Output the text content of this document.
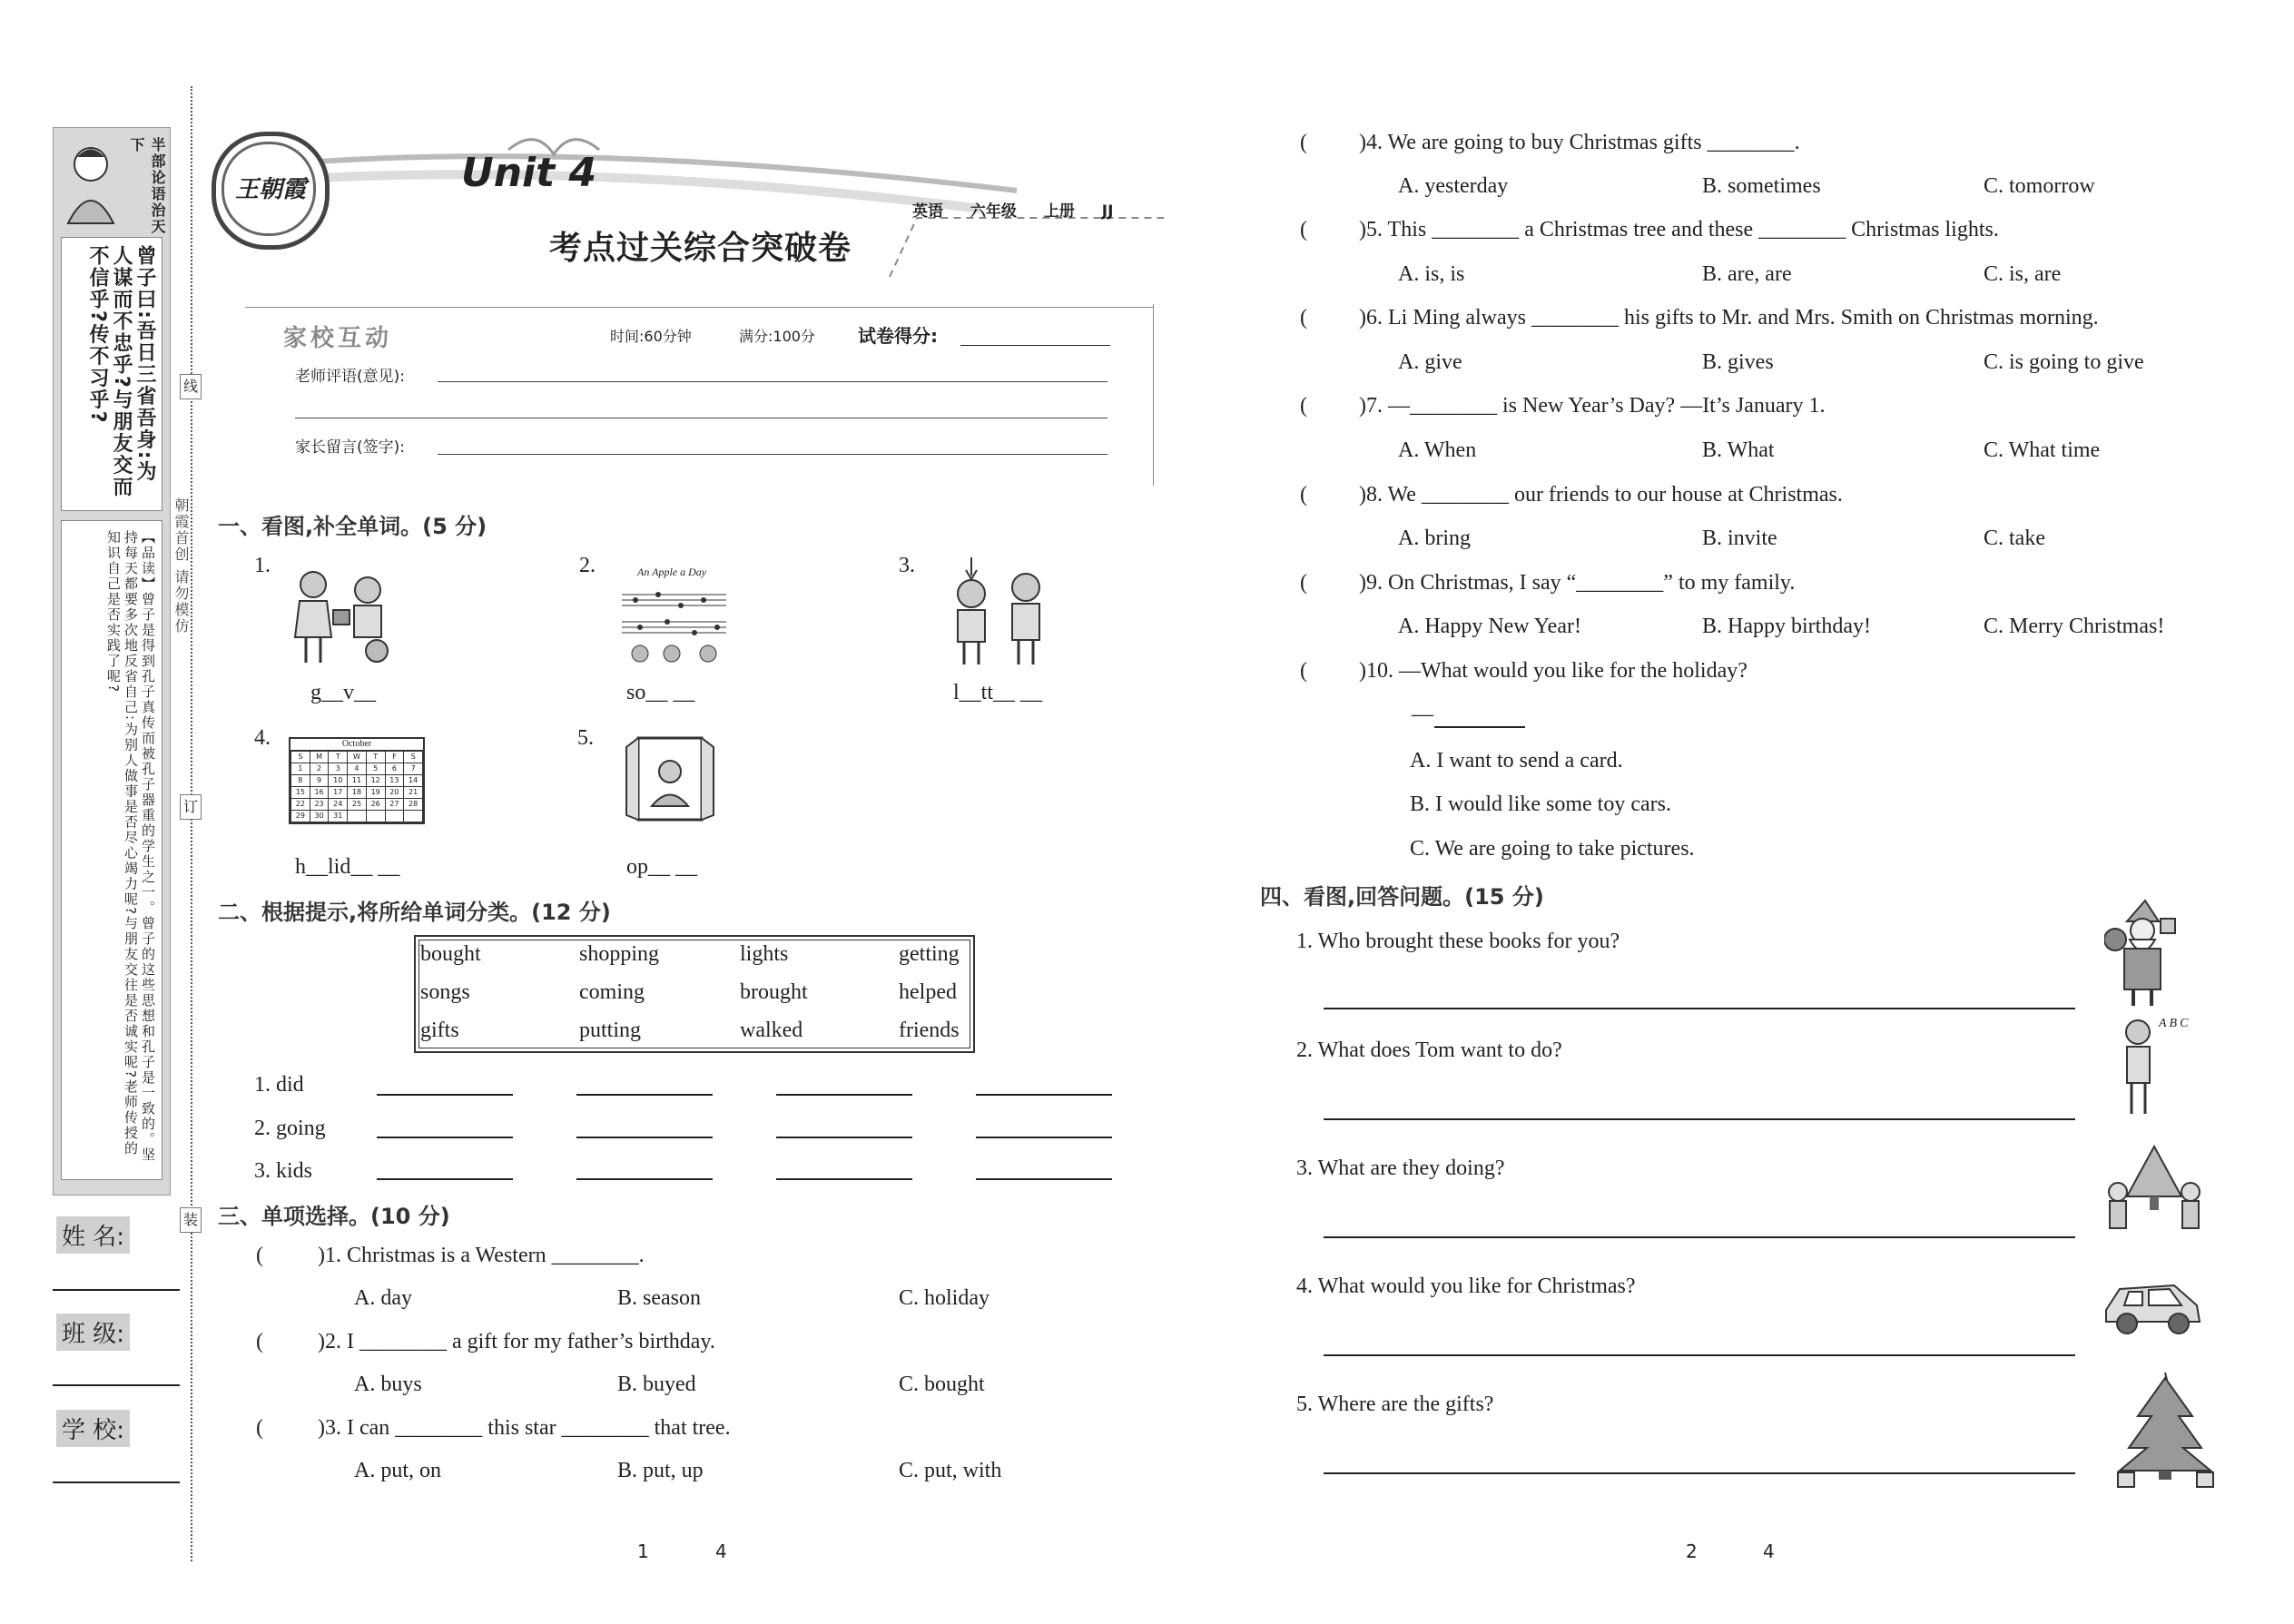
半部论语治天下
曾子曰:吾日三省吾身:为人谋而不忠乎?与朋友交而不信乎?传不习乎?
【品读】曾子是得到孔子真传而被孔子器重的学生之一。曾子的这些思想和孔子是一致的。坚持每天都要多次地反省自己:为别人做事是否尽心竭力呢?与朋友交往是否诚实呢?老师传授的知识自己是否实践了呢?	朝霞首创 请勿模仿
线
订
装
姓 名:
班 级:
学 校:
王朝霞	Unit 4
考点过关综合突破卷
英语 六年级 上册 JJ
家校互动	时间:60分钟	满分:100分 试卷得分:
老师评语(意见):
家长留言(签字):
一、看图,补全单词。(5 分)
1.
g__v__
2.	An Apple a Day
so__ __
3.
l__tt__ __
4.	October
S	M	T	W	T	F	S
1	2	3	4	5	6	7
8	9	10	11	12	13	14
15	16	17	18	19	20	21
22	23	24	25	26	27	28
29	30	31				
h__lid__ __
5.
op__ __
二、根据提示,将所给单词分类。(12 分)
bought	shopping	lights	getting
songs	coming	brought	helped
gifts	putting	walked	friends
1. did
2. going
3. kids
三、单项选择。(10 分)
(	)1. Christmas is a Western ________.
A. day	B. season	C. holiday
(	)2. I ________ a gift for my father’s birthday.
A. buys	B. buyed	C. bought
(	)3. I can ________ this star ________ that tree.
A. put, on	B. put, up	C. put, with
1	4
( )4. We are going to buy Christmas gifts ________.
A. yesterday	B. sometimes	C. tomorrow
( )5. This ________ a Christmas tree and these ________ Christmas lights.
A. is, is	B. are, are	C. is, are
( )6. Li Ming always ________ his gifts to Mr. and Mrs. Smith on Christmas morning.
A. give	B. gives	C. is going to give
( )7. —________ is New Year’s Day? —It’s January 1.
A. When	B. What	C. What time
( )8. We ________ our friends to our house at Christmas.
A. bring	B. invite	C. take
( )9. On Christmas, I say “________” to my family.
A. Happy New Year!	B. Happy birthday!	C. Merry Christmas!
( )10. —What would you like for the holiday?
—
A. I want to send a card.
B. I would like some toy cars.
C. We are going to take pictures.
四、看图,回答问题。(15 分)
1. Who brought these books for you?
2. What does Tom want to do?
ABC
3. What are they doing?
4. What would you like for Christmas?
5. Where are the gifts?
2	4
